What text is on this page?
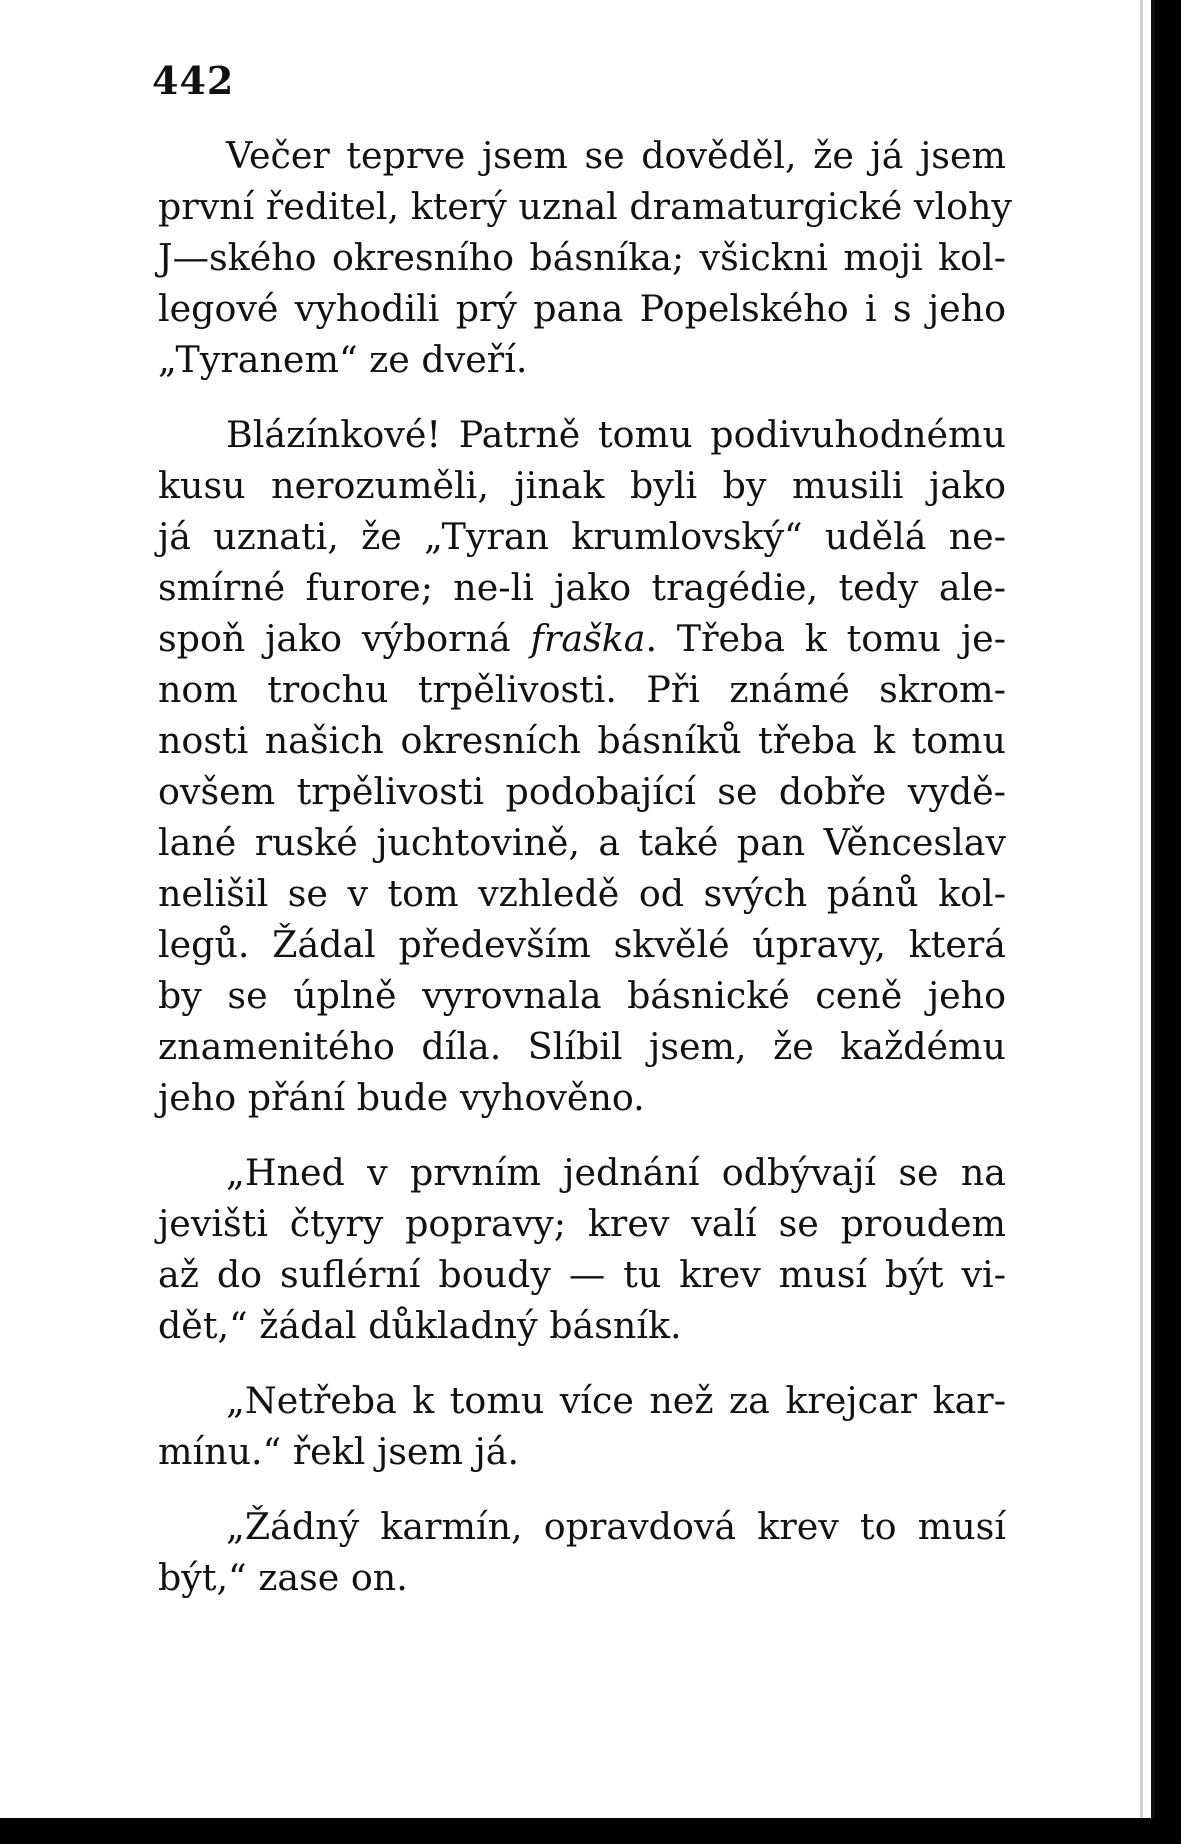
442
Večer teprve jsem se dověděl, že já jsem
první ředitel, který uznal dramaturgické vlohy
J—ského okresního básníka; všickni moji kol-
legové vyhodili prý pana Popelského i s jeho
„Tyranem“ ze dveří.
Blázínkové! Patrně tomu podivuhodnému
kusu nerozuměli, jinak byli by musili jako
já uznati, že „Tyran krumlovský“ udělá ne-
smírné furore; ne-li jako tragédie, tedy ale-
spoň jako výborná fraška. Třeba k tomu je-
nom trochu trpělivosti. Při známé skrom-
nosti našich okresních básníků třeba k tomu
ovšem trpělivosti podobající se dobře vydě-
lané ruské juchtovině, a také pan Věnceslav
nelišil se v tom vzhledě od svých pánů kol-
legů. Žádal především skvělé úpravy, která
by se úplně vyrovnala básnické ceně jeho
znamenitého díla. Slíbil jsem, že každému
jeho přání bude vyhověno.
„Hned v prvním jednání odbývají se na
jevišti čtyry popravy; krev valí se proudem
až do suflérní boudy — tu krev musí být vi-
dět,“ žádal důkladný básník.
„Netřeba k tomu více než za krejcar kar-
mínu.“ řekl jsem já.
„Žádný karmín, opravdová krev to musí
být,“ zase on.
